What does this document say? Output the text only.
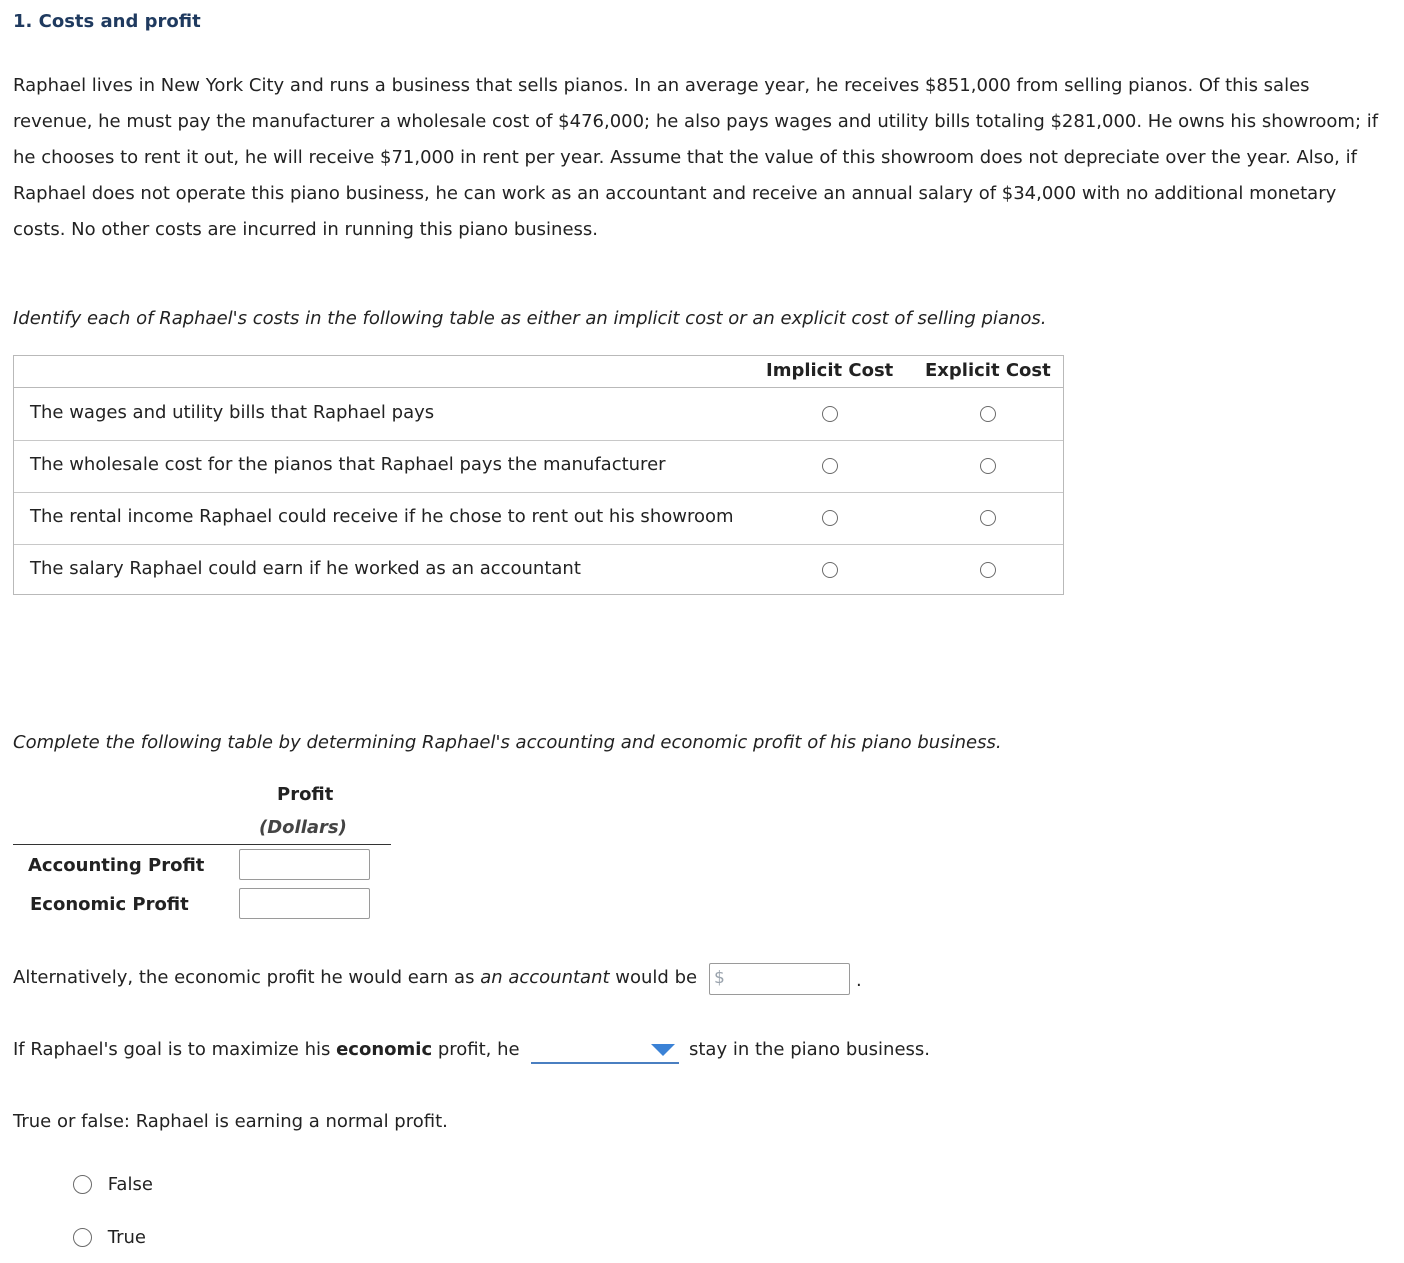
1. Costs and profit
Raphael lives in New York City and runs a business that sells pianos. In an average year, he receives $851,000 from selling pianos. Of this sales revenue, he must pay the manufacturer a wholesale cost of $476,000; he also pays wages and utility bills totaling $281,000. He owns his showroom; if he chooses to rent it out, he will receive $71,000 in rent per year. Assume that the value of this showroom does not depreciate over the year. Also, if Raphael does not operate this piano business, he can work as an accountant and receive an annual salary of $34,000 with no additional monetary costs. No other costs are incurred in running this piano business.
Identify each of Raphael's costs in the following table as either an implicit cost or an explicit cost of selling pianos.
Implicit Cost Explicit Cost
The wages and utility bills that Raphael pays
The wholesale cost for the pianos that Raphael pays the manufacturer
The rental income Raphael could receive if he chose to rent out his showroom
The salary Raphael could earn if he worked as an accountant
Complete the following table by determining Raphael's accounting and economic profit of his piano business.
Profit
(Dollars)
Accounting Profit
Economic Profit
Alternatively, the economic profit he would earn as an accountant would be $	.
If Raphael's goal is to maximize his economic profit, he	stay in the piano business.
True or false: Raphael is earning a normal profit.
False
True
